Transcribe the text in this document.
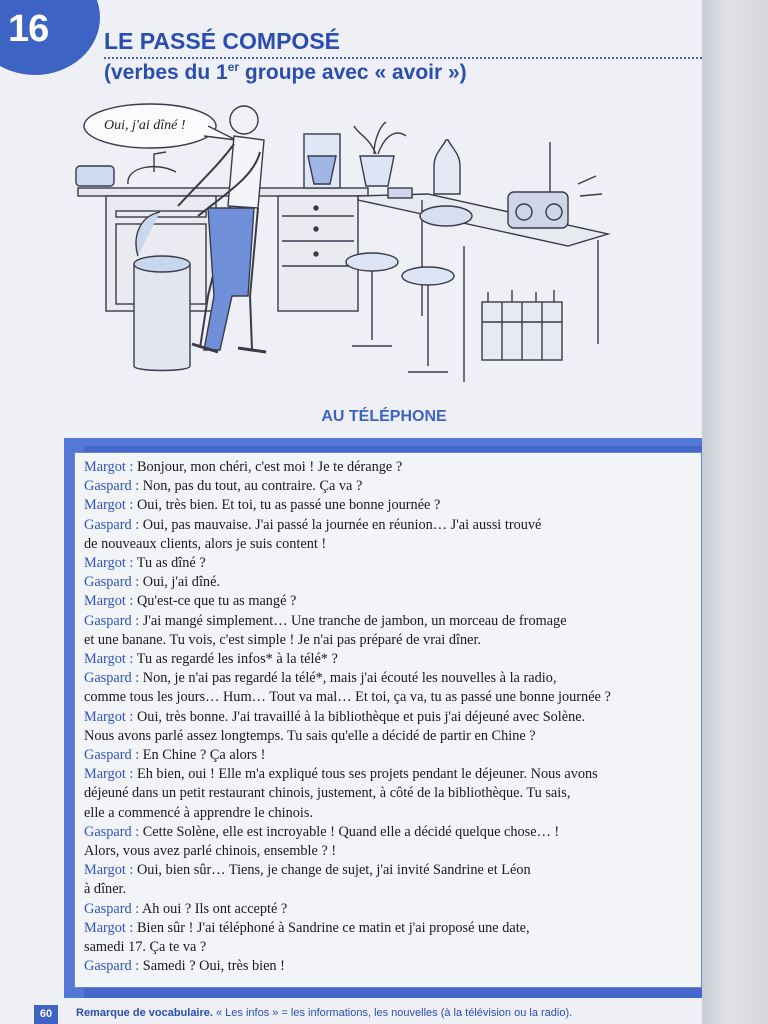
16	LE PASSÉ COMPOSÉ
(verbes du 1er groupe avec « avoir »)
Oui, j'ai dîné !
AU TÉLÉPHONE
Margot : Bonjour, mon chéri, c'est moi ! Je te dérange ?
Gaspard : Non, pas du tout, au contraire. Ça va ?
Margot : Oui, très bien. Et toi, tu as passé une bonne journée ?
Gaspard : Oui, pas mauvaise. J'ai passé la journée en réunion… J'ai aussi trouvé
de nouveaux clients, alors je suis content !
Margot : Tu as dîné ?
Gaspard : Oui, j'ai dîné.
Margot : Qu'est-ce que tu as mangé ?
Gaspard : J'ai mangé simplement… Une tranche de jambon, un morceau de fromage
et une banane. Tu vois, c'est simple ! Je n'ai pas préparé de vrai dîner.
Margot : Tu as regardé les infos* à la télé* ?
Gaspard : Non, je n'ai pas regardé la télé*, mais j'ai écouté les nouvelles à la radio,
comme tous les jours… Hum… Tout va mal… Et toi, ça va, tu as passé une bonne journée ?
Margot : Oui, très bonne. J'ai travaillé à la bibliothèque et puis j'ai déjeuné avec Solène.
Nous avons parlé assez longtemps. Tu sais qu'elle a décidé de partir en Chine ?
Gaspard : En Chine ? Ça alors !
Margot : Eh bien, oui ! Elle m'a expliqué tous ses projets pendant le déjeuner. Nous avons
déjeuné dans un petit restaurant chinois, justement, à côté de la bibliothèque. Tu sais,
elle a commencé à apprendre le chinois.
Gaspard : Cette Solène, elle est incroyable ! Quand elle a décidé quelque chose… !
Alors, vous avez parlé chinois, ensemble ? !
Margot : Oui, bien sûr… Tiens, je change de sujet, j'ai invité Sandrine et Léon
à dîner.
Gaspard : Ah oui ? Ils ont accepté ?
Margot : Bien sûr ! J'ai téléphoné à Sandrine ce matin et j'ai proposé une date,
samedi 17. Ça te va ?
Gaspard : Samedi ? Oui, très bien !
60	Remarque de vocabulaire. « Les infos » = les informations, les nouvelles (à la télévision ou la radio).
